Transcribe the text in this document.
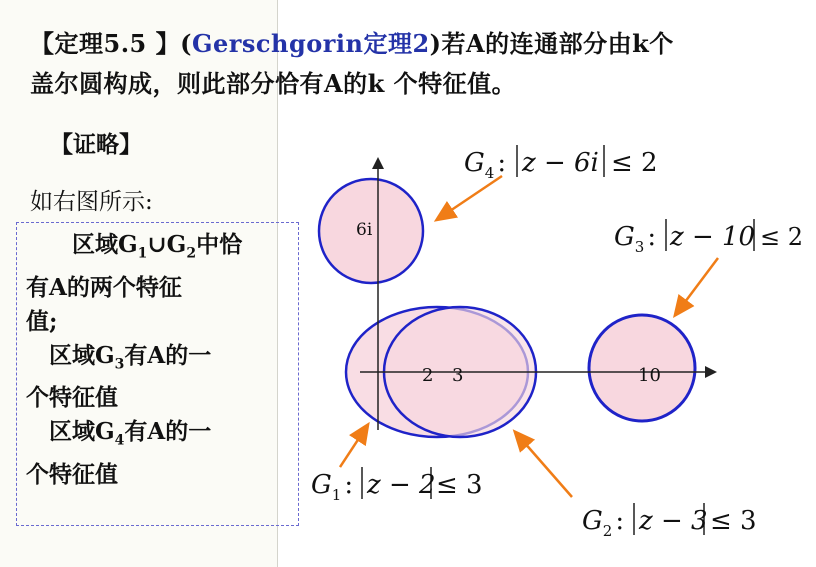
【定理5.5 】(Gerschgorin定理2)若A的连通部分由k个
盖尔圆构成，则此部分恰有A的k 个特征值。
【证略】
如右图所示:
  区域$G_1\cup G_2$中恰
有A的两个特征
值;
  区域$G_3$有A的一
个特征值
  区域$G_4$有A的一
个特征值
6i
2 3	10
$G_4$ : z − 6i ≤ 2
$G_3$ : z − 10 ≤ 2
$G_1$ : z − 2 ≤ 3
$G_2$ : z − 3 ≤ 3
